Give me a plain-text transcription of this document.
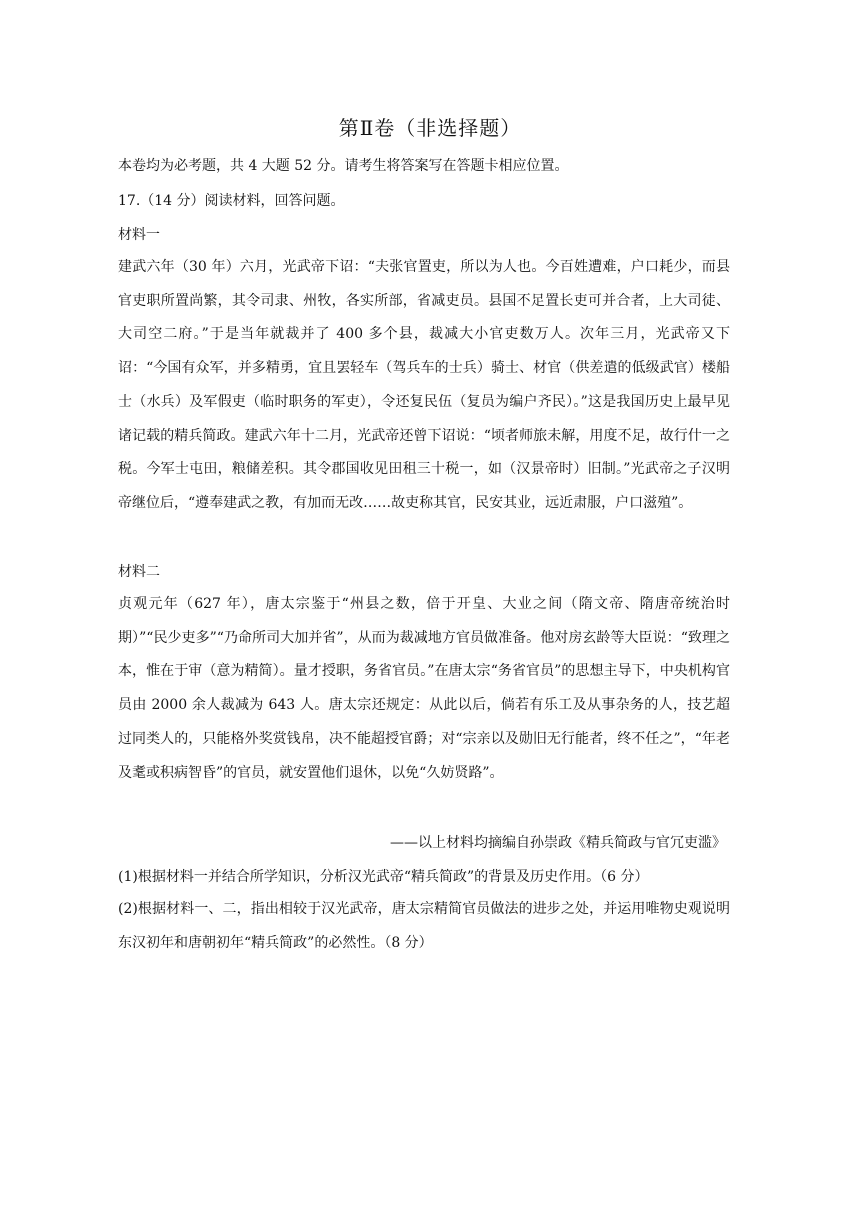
第Ⅱ卷（非选择题）
本卷均为必考题，共 4 大题 52 分。请考生将答案写在答题卡相应位置。
17.（14 分）阅读材料，回答问题。
材料一
建武六年（30 年）六月，光武帝下诏：“夫张官置吏，所以为人也。今百姓遭难，户口耗少，而县官吏职所置尚繁，其令司隶、州牧，各实所部，省减吏员。县国不足置长吏可并合者，上大司徒、大司空二府。”于是当年就裁并了 400 多个县，裁减大小官吏数万人。次年三月，光武帝又下诏：“今国有众军，并多精勇，宜且罢轻车（驾兵车的士兵）骑士、材官（供差遣的低级武官）楼船士（水兵）及军假吏（临时职务的军吏），令还复民伍（复员为编户齐民）。”这是我国历史上最早见诸记载的精兵简政。建武六年十二月，光武帝还曾下诏说：“顷者师旅未解，用度不足，故行什一之税。今军士屯田，粮储差积。其令郡国收见田租三十税一，如（汉景帝时）旧制。”光武帝之子汉明帝继位后，“遵奉建武之教，有加而无改……故吏称其官，民安其业，远近肃服，户口滋殖”。
材料二
贞观元年（627 年），唐太宗鉴于“州县之数，倍于开皇、大业之间（隋文帝、隋唐帝统治时期）”“民少吏多”“乃命所司大加并省”，从而为裁减地方官员做准备。他对房玄龄等大臣说：“致理之本，惟在于审（意为精简）。量才授职，务省官员。”在唐太宗“务省官员”的思想主导下，中央机构官员由 2000 余人裁减为 643 人。唐太宗还规定：从此以后，倘若有乐工及从事杂务的人，技艺超过同类人的，只能格外奖赏钱帛，决不能超授官爵；对“宗亲以及勋旧无行能者，终不任之”，“年老及耄或积病智昏”的官员，就安置他们退休，以免“久妨贤路”。
——以上材料均摘编自孙崇政《精兵简政与官冗吏滥》
(1)根据材料一并结合所学知识，分析汉光武帝“精兵简政”的背景及历史作用。（6 分）
(2)根据材料一、二，指出相较于汉光武帝，唐太宗精简官员做法的进步之处，并运用唯物史观说明东汉初年和唐朝初年“精兵简政”的必然性。（8 分）
